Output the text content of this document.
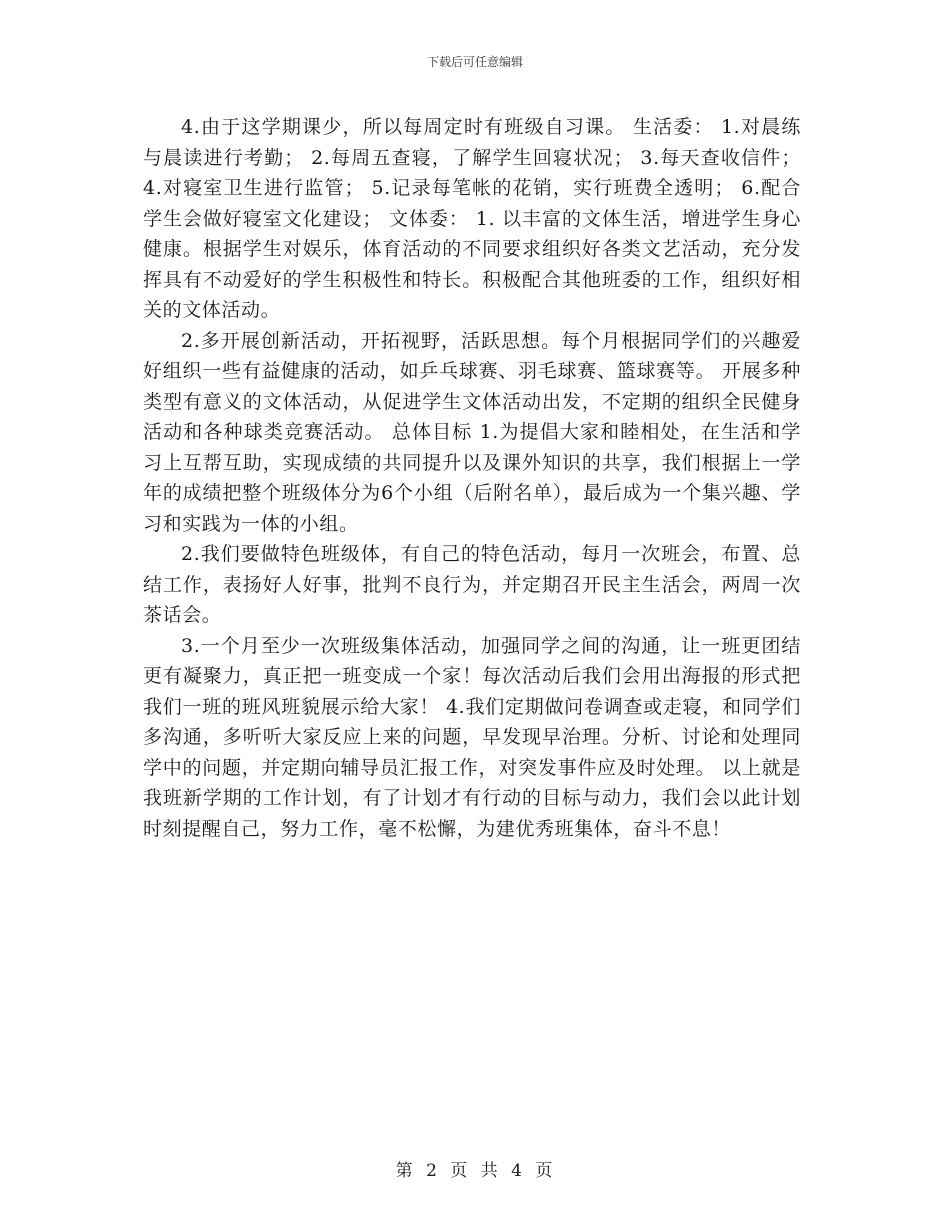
下载后可任意编辑

4.由于这学期课少，所以每周定时有班级自习课。 生活委： 1.对晨练与晨读进行考勤； 2.每周五查寝，了解学生回寝状况； 3.每天查收信件； 4.对寝室卫生进行监管； 5.记录每笔帐的花销，实行班费全透明； 6.配合学生会做好寝室文化建设； 文体委： 1. 以丰富的文体生活，增进学生身心健康。根据学生对娱乐，体育活动的不同要求组织好各类文艺活动，充分发挥具有不动爱好的学生积极性和特长。积极配合其他班委的工作，组织好相关的文体活动。

2.多开展创新活动，开拓视野，活跃思想。每个月根据同学们的兴趣爱好组织一些有益健康的活动，如乒乓球赛、羽毛球赛、篮球赛等。 开展多种类型有意义的文体活动，从促进学生文体活动出发，不定期的组织全民健身活动和各种球类竞赛活动。 总体目标 1.为提倡大家和睦相处，在生活和学习上互帮互助，实现成绩的共同提升以及课外知识的共享，我们根据上一学年的成绩把整个班级体分为6个小组（后附名单），最后成为一个集兴趣、学习和实践为一体的小组。

2.我们要做特色班级体，有自己的特色活动，每月一次班会，布置、总结工作，表扬好人好事，批判不良行为，并定期召开民主生活会，两周一次茶话会。

3.一个月至少一次班级集体活动，加强同学之间的沟通，让一班更团结更有凝聚力，真正把一班变成一个家！每次活动后我们会用出海报的形式把我们一班的班风班貌展示给大家！ 4.我们定期做问卷调查或走寝，和同学们多沟通，多听听大家反应上来的问题，早发现早治理。分析、讨论和处理同学中的问题，并定期向辅导员汇报工作，对突发事件应及时处理。 以上就是我班新学期的工作计划，有了计划才有行动的目标与动力，我们会以此计划时刻提醒自己，努力工作，毫不松懈，为建优秀班集体，奋斗不息！

第 2 页 共 4 页
